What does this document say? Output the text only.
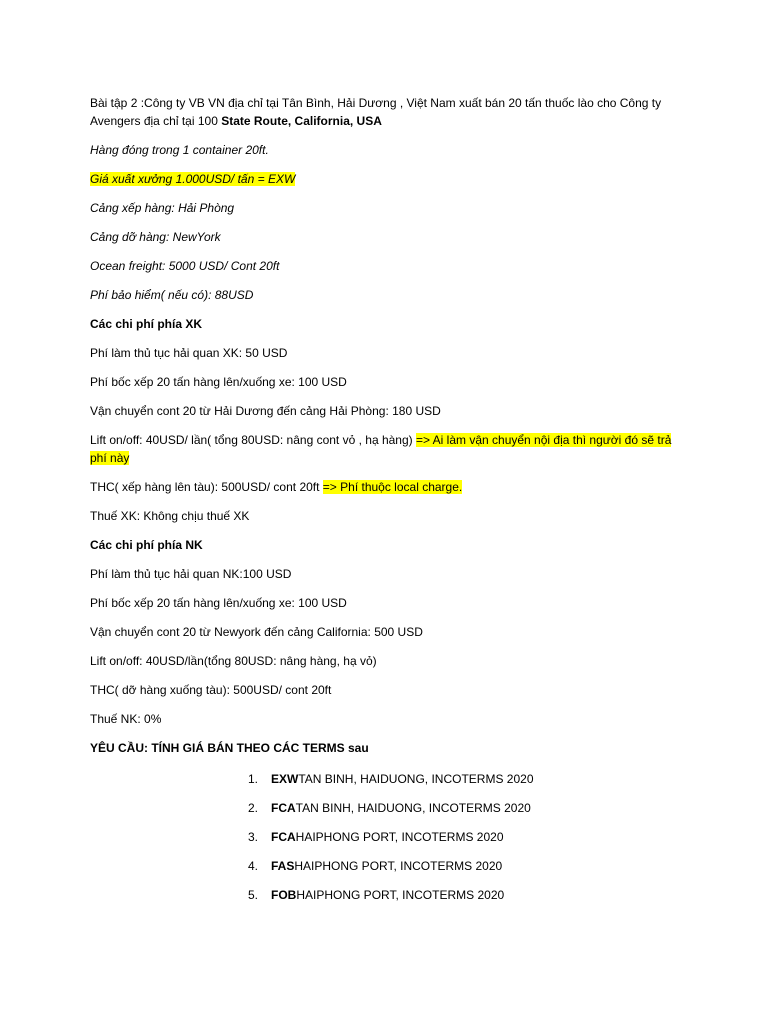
Bài tập 2 :Công ty VB VN địa chỉ tại Tân Bình, Hải Dương , Việt Nam xuất bán 20 tấn thuốc lào cho Công ty Avengers địa chỉ tại 100 State Route, California, USA

Hàng đóng trong 1 container 20ft.

Giá xuất xưởng 1.000USD/ tấn = EXW

Cảng xếp hàng: Hải Phòng

Cảng dỡ hàng: NewYork

Ocean freight: 5000 USD/ Cont 20ft

Phí bảo hiểm( nếu có): 88USD

Các chi phí phía XK

Phí làm thủ tục hải quan XK: 50 USD

Phí bốc xếp 20 tấn hàng lên/xuống xe: 100 USD

Vận chuyển cont 20 từ Hải Dương đến cảng Hải Phòng: 180 USD

Lift on/off: 40USD/ lần( tổng 80USD: nâng cont vỏ , hạ hàng) => Ai làm vận chuyển nội địa thì người đó sẽ trả phí này

THC( xếp hàng lên tàu): 500USD/ cont 20ft => Phí thuộc local charge.

Thuế XK: Không chịu thuế XK

Các chi phí phía NK

Phí làm thủ tục hải quan NK:100 USD

Phí bốc xếp 20 tấn hàng lên/xuống xe: 100 USD

Vận chuyển cont 20 từ Newyork đến cảng California: 500 USD

Lift on/off: 40USD/lần(tổng 80USD: nâng hàng, hạ vỏ)

THC( dỡ hàng xuống tàu): 500USD/ cont 20ft

Thuế NK: 0%

YÊU CẦU: TÍNH GIÁ BÁN THEO CÁC TERMS sau

1.	EXW TAN BINH, HAIDUONG, INCOTERMS 2020
2.	FCA TAN BINH, HAIDUONG, INCOTERMS 2020
3.	FCA HAIPHONG PORT, INCOTERMS 2020
4.	FAS HAIPHONG PORT, INCOTERMS 2020
5.	FOB HAIPHONG PORT, INCOTERMS 2020
